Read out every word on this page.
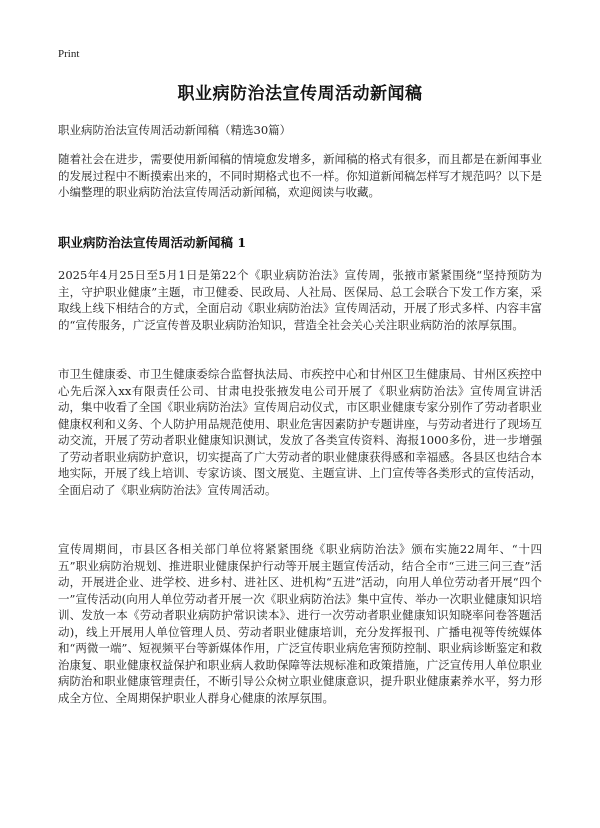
Print
职业病防治法宣传周活动新闻稿
职业病防治法宣传周活动新闻稿（精选30篇）
随着社会在进步，需要使用新闻稿的情境愈发增多，新闻稿的格式有很多，而且都是在新闻事业的发展过程中不断摸索出来的，不同时期格式也不一样。你知道新闻稿怎样写才规范吗？以下是小编整理的职业病防治法宣传周活动新闻稿，欢迎阅读与收藏。
职业病防治法宣传周活动新闻稿 1
2025年4月25日至5月1日是第22个《职业病防治法》宣传周，张掖市紧紧围绕“坚持预防为主，守护职业健康”主题，市卫健委、民政局、人社局、医保局、总工会联合下发工作方案，采取线上线下相结合的方式，全面启动《职业病防治法》宣传周活动，开展了形式多样、内容丰富的“宣传服务，广泛宣传普及职业病防治知识，营造全社会关心关注职业病防治的浓厚氛围。
市卫生健康委、市卫生健康委综合监督执法局、市疾控中心和甘州区卫生健康局、甘州区疾控中心先后深入xx有限责任公司、甘肃电投张掖发电公司开展了《职业病防治法》宣传周宣讲活动，集中收看了全国《职业病防治法》宣传周启动仪式，市区职业健康专家分别作了劳动者职业健康权利和义务、个人防护用品规范使用、职业危害因素防护专题讲座，与劳动者进行了现场互动交流，开展了劳动者职业健康知识测试，发放了各类宣传资料、海报1000多份，进一步增强了劳动者职业病防护意识，切实提高了广大劳动者的职业健康获得感和幸福感。各县区也结合本地实际，开展了线上培训、专家访谈、图文展览、主题宣讲、上门宣传等各类形式的宣传活动，全面启动了《职业病防治法》宣传周活动。
宣传周期间，市县区各相关部门单位将紧紧围绕《职业病防治法》颁布实施22周年、“十四五”职业病防治规划、推进职业健康保护行动等开展主题宣传活动，结合全市“三进三问三查”活动，开展进企业、进学校、进乡村、进社区、进机构“五进”活动，向用人单位劳动者开展“四个一”宣传活动(向用人单位劳动者开展一次《职业病防治法》集中宣传、举办一次职业健康知识培训、发放一本《劳动者职业病防护常识读本》、进行一次劳动者职业健康知识知晓率问卷答题活动)，线上开展用人单位管理人员、劳动者职业健康培训，充分发挥报刊、广播电视等传统媒体和“两微一端”、短视频平台等新媒体作用，广泛宣传职业病危害预防控制、职业病诊断鉴定和救治康复、职业健康权益保护和职业病人救助保障等法规标准和政策措施，广泛宣传用人单位职业病防治和职业健康管理责任，不断引导公众树立职业健康意识，提升职业健康素养水平，努力形成全方位、全周期保护职业人群身心健康的浓厚氛围。
